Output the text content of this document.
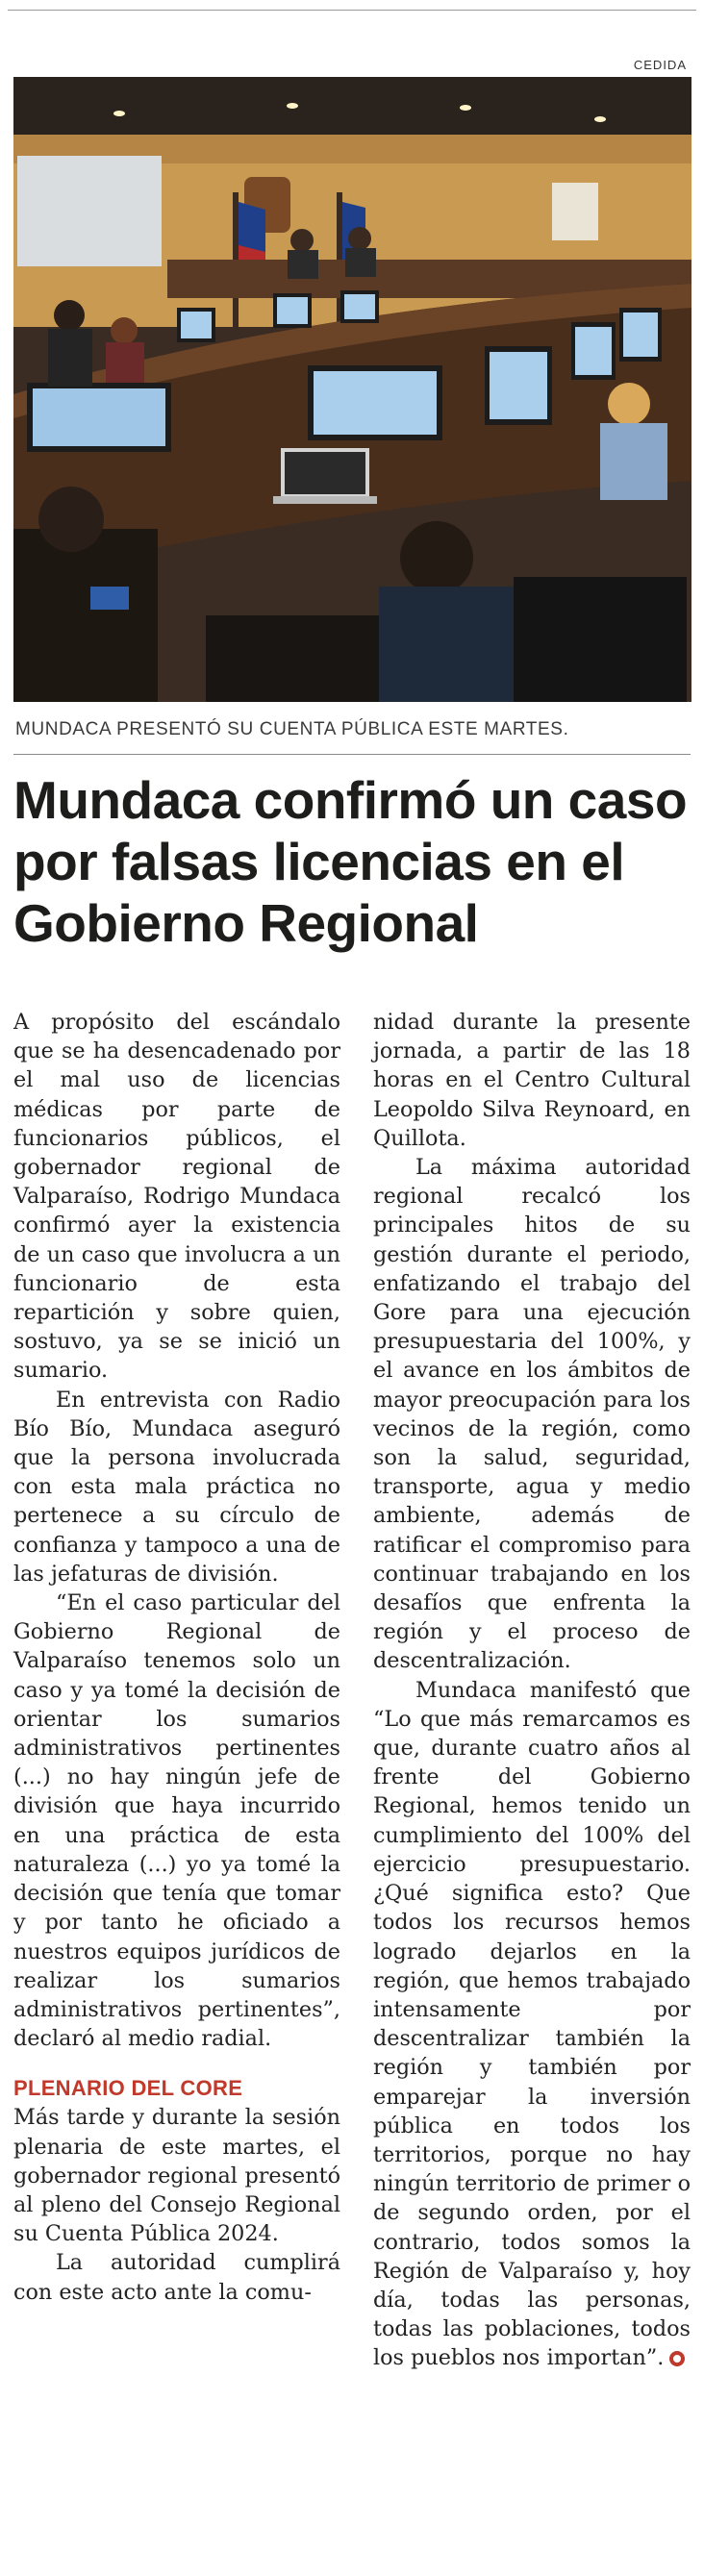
CEDIDA
MUNDACA PRESENTÓ SU CUENTA PÚBLICA ESTE MARTES.
Mundaca confirmó un caso por falsas licencias en el Gobierno Regional

A propósito del escándalo que se ha desencadenado por el mal uso de licencias médicas por parte de funcionarios públicos, el gobernador regional de Valparaíso, Rodrigo Mundaca confirmó ayer la existencia de un caso que involucra a un funcionario de esta repartición y sobre quien, sostuvo, ya se se inició un sumario.

En entrevista con Radio Bío Bío, Mundaca aseguró que la persona involucrada con esta mala práctica no pertenece a su círculo de confianza y tampoco a una de las jefaturas de división.

“En el caso particular del Gobierno Regional de Valparaíso tenemos solo un caso y ya tomé la decisión de orientar los sumarios administrativos pertinentes (...) no hay ningún jefe de división que haya incurrido en una práctica de esta naturaleza (...) yo ya tomé la decisión que tenía que tomar y por tanto he oficiado a nuestros equipos jurídicos de realizar los sumarios administrativos pertinentes”, declaró al medio radial.

PLENARIO DEL CORE

Más tarde y durante la sesión plenaria de este martes, el gobernador regional presentó al pleno del Consejo Regional su Cuenta Pública 2024.

La autoridad cumplirá con este acto ante la comu-

nidad durante la presente jornada, a partir de las 18 horas en el Centro Cultural Leopoldo Silva Reynoard, en Quillota.

La máxima autoridad regional recalcó los principales hitos de su gestión durante el periodo, enfatizando el trabajo del Gore para una ejecución presupuestaria del 100%, y el avance en los ámbitos de mayor preocupación para los vecinos de la región, como son la salud, seguridad, transporte, agua y medio ambiente, además de ratificar el compromiso para continuar trabajando en los desafíos que enfrenta la región y el proceso de descentralización.

Mundaca manifestó que “Lo que más remarcamos es que, durante cuatro años al frente del Gobierno Regional, hemos tenido un cumplimiento del 100% del ejercicio presupuestario. ¿Qué significa esto? Que todos los recursos hemos logrado dejarlos en la región, que hemos trabajado intensamente por descentralizar también la región y también por emparejar la inversión pública en todos los territorios, porque no hay ningún territorio de primer o de segundo orden, por el contrario, todos somos la Región de Valparaíso y, hoy día, todas las personas, todas las poblaciones, todos los pueblos nos importan”.
